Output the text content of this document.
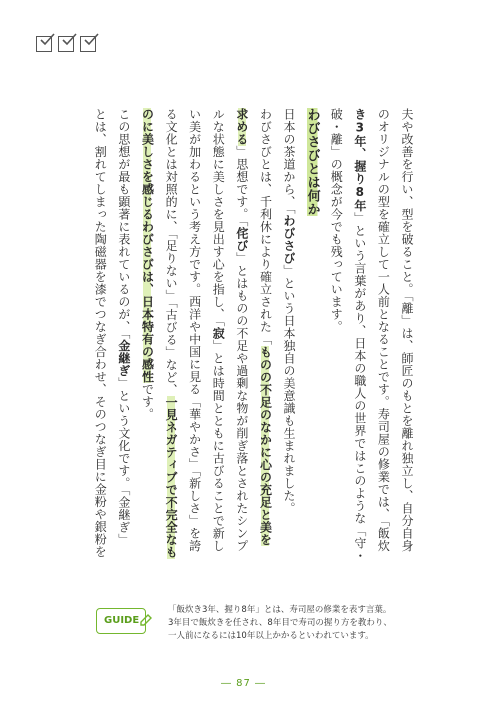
夫や改善を行い、型を破ること。「離」は、師匠のもとを離れ独立し、自分自身
のオリジナルの型を確立して一人前となることです。寿司屋の修業では、「飯炊
き3年、握り8年」という言葉があり、日本の職人の世界ではこのような「守・
破・離」の概念が今でも残っています。
わびさびとは何か
日本の茶道から、「わびさび」という日本独自の美意識も生まれました。
わびさびとは、千利休により確立された「ものの不足のなかに心の充足と美を
求める」思想です。「侘び」とはものの不足や過剰な物が削ぎ落とされたシンプ
ルな状態に美しさを見出す心を指し、「寂」とは時間とともに古びることで新し
い美が加わるという考え方です。西洋や中国に見る「華やかさ」「新しさ」を誇
る文化とは対照的に、「足りない」「古びる」など、一見ネガティブで不完全なも
のに美しさを感じるわびさびは、日本特有の感性です。
この思想が最も顕著に表れているのが、「金継ぎ」という文化です。「金継ぎ」
とは、割れてしまった陶磁器を漆でつなぎ合わせ、そのつなぎ目に金粉や銀粉を
GUIDE
「飯炊き3年、握り8年」とは、寿司屋の修業を表す言葉。
3年目で飯炊きを任され、8年目で寿司の握り方を教わり、
一人前になるには10年以上かかるといわれています。
― 87 ―
